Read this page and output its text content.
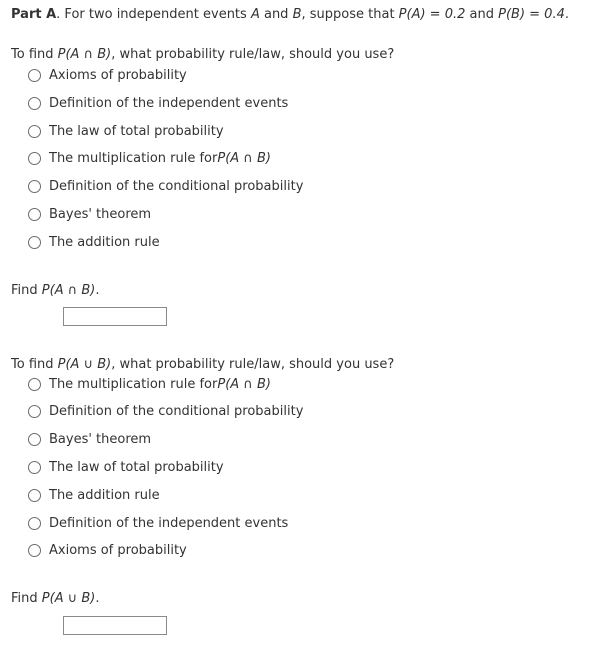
Part A. For two independent events A and B, suppose that P(A) = 0.2 and P(B) = 0.4.
To find P(A ∩ B), what probability rule/law, should you use?
Axioms of probability
Definition of the independent events
The law of total probability
The multiplication rule for P(A ∩ B)
Definition of the conditional probability
Bayes' theorem
The addition rule
Find P(A ∩ B).
To find P(A ∪ B), what probability rule/law, should you use?
The multiplication rule for P(A ∩ B)
Definition of the conditional probability
Bayes' theorem
The law of total probability
The addition rule
Definition of the independent events
Axioms of probability
Find P(A ∪ B).
